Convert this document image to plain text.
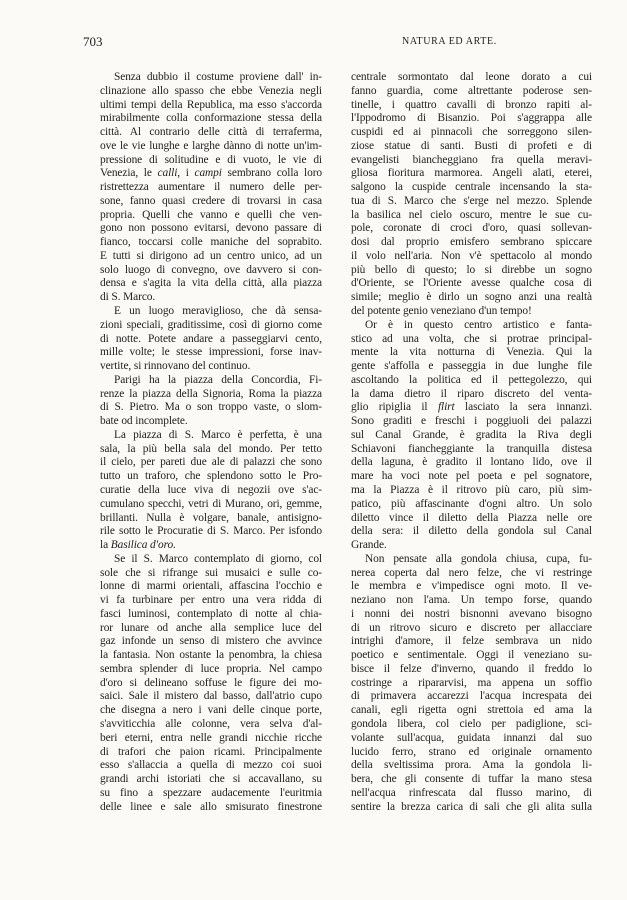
703	NATURA ED ARTE.
Senza dubbio il costume proviene dall' in-
clinazione allo spasso che ebbe Venezia negli
ultimi tempi della Republica, ma esso s'accorda
mirabilmente colla conformazione stessa della
città. Al contrario delle città di terraferma,
ove le vie lunghe e larghe dànno di notte un'im-
pressione di solitudine e di vuoto, le vie di
Venezia, le calli, i campi sembrano colla loro
ristrettezza aumentare il numero delle per-
sone, fanno quasi credere di trovarsi in casa
propria. Quelli che vanno e quelli che ven-
gono non possono evitarsi, devono passare di
fianco, toccarsi colle maniche del soprabito.
E tutti si dirigono ad un centro unico, ad un
solo luogo di convegno, ove davvero si con-
densa e s'agita la vita della città, alla piazza
di S. Marco.
E un luogo meraviglioso, che dà sensa-
zioni speciali, graditissime, così di giorno come
di notte. Potete andare a passeggiarvi cento,
mille volte; le stesse impressioni, forse inav-
vertite, si rinnovano del continuo.
Parigi ha la piazza della Concordia, Fi-
renze la piazza della Signoria, Roma la piazza
di S. Pietro. Ma o son troppo vaste, o slom-
bate od incomplete.
La piazza di S. Marco è perfetta, è una
sala, la più bella sala del mondo. Per tetto
il cielo, per pareti due ale di palazzi che sono
tutto un traforo, che splendono sotto le Pro-
curatie della luce viva di negozii ove s'ac-
cumulano specchi, vetri di Murano, ori, gemme,
brillanti. Nulla è volgare, banale, antisigno-
rile sotto le Procuratie di S. Marco. Per isfondo
la Basilica d'oro.
Se il S. Marco contemplato di giorno, col
sole che si rifrange sui musaici e sulle co-
lonne di marmi orientali, affascina l'occhio e
vi fa turbinare per entro una vera ridda di
fasci luminosi, contemplato di notte al chia-
ror lunare od anche alla semplice luce del
gaz infonde un senso di mistero che avvince
la fantasia. Non ostante la penombra, la chiesa
sembra splender di luce propria. Nel campo
d'oro si delineano soffuse le figure dei mo-
saici. Sale il mistero dal basso, dall'atrio cupo
che disegna a nero i vani delle cinque porte,
s'avviticchia alle colonne, vera selva d'al-
beri eterni, entra nelle grandi nicchie ricche
di trafori che paion ricami. Principalmente
esso s'allaccia a quella di mezzo coi suoi
grandi archi istoriati che si accavallano, su
su fino a spezzare audacemente l'euritmia
delle linee e sale allo smisurato finestrone
centrale sormontato dal leone dorato a cui
fanno guardia, come altrettante poderose sen-
tinelle, i quattro cavalli di bronzo rapiti al-
l'Ippodromo di Bisanzio. Poi s'aggrappa alle
cuspidi ed ai pinnacoli che sorreggono silen-
ziose statue di santi. Busti di profeti e di
evangelisti biancheggiano fra quella meravi-
gliosa fioritura marmorea. Angeli alati, eterei,
salgono la cuspide centrale incensando la sta-
tua di S. Marco che s'erge nel mezzo. Splende
la basilica nel cielo oscuro, mentre le sue cu-
pole, coronate di croci d'oro, quasi sollevan-
dosi dal proprio emisfero sembrano spiccare
il volo nell'aria. Non v'è spettacolo al mondo
più bello di questo; lo si direbbe un sogno
d'Oriente, se l'Oriente avesse qualche cosa di
simile; meglio è dirlo un sogno anzi una realtà
del potente genio veneziano d'un tempo!
Or è in questo centro artistico e fanta-
stico ad una volta, che si protrae principal-
mente la vita notturna di Venezia. Qui la
gente s'affolla e passeggia in due lunghe file
ascoltando la politica ed il pettegolezzo, qui
la dama dietro il riparo discreto del venta-
glio ripiglia il flirt lasciato la sera innanzi.
Sono graditi e freschi i poggiuoli dei palazzi
sul Canal Grande, è gradita la Riva degli
Schiavoni fiancheggiante la tranquilla distesa
della laguna, è gradito il lontano lido, ove il
mare ha voci note pel poeta e pel sognatore,
ma la Piazza è il ritrovo più caro, più sim-
patico, più affascinante d'ogni altro. Un solo
diletto vince il diletto della Piazza nelle ore
della sera: il diletto della gondola sul Canal
Grande.
Non pensate alla gondola chiusa, cupa, fu-
nerea coperta dal nero felze, che vi restringe
le membra e v'impedisce ogni moto. Il ve-
neziano non l'ama. Un tempo forse, quando
i nonni dei nostri bisnonni avevano bisogno
di un ritrovo sicuro e discreto per allacciare
intrighi d'amore, il felze sembrava un nido
poetico e sentimentale. Oggi il veneziano su-
bisce il felze d'inverno, quando il freddo lo
costringe a ripararvisi, ma appena un soffio
di primavera accarezzi l'acqua increspata dei
canali, egli rigetta ogni strettoia ed ama la
gondola libera, col cielo per padiglione, sci-
volante sull'acqua, guidata innanzi dal suo
lucido ferro, strano ed originale ornamento
della sveltissima prora. Ama la gondola li-
bera, che gli consente di tuffar la mano stesa
nell'acqua rinfrescata dal flusso marino, di
sentire la brezza carica di sali che gli alita sulla
